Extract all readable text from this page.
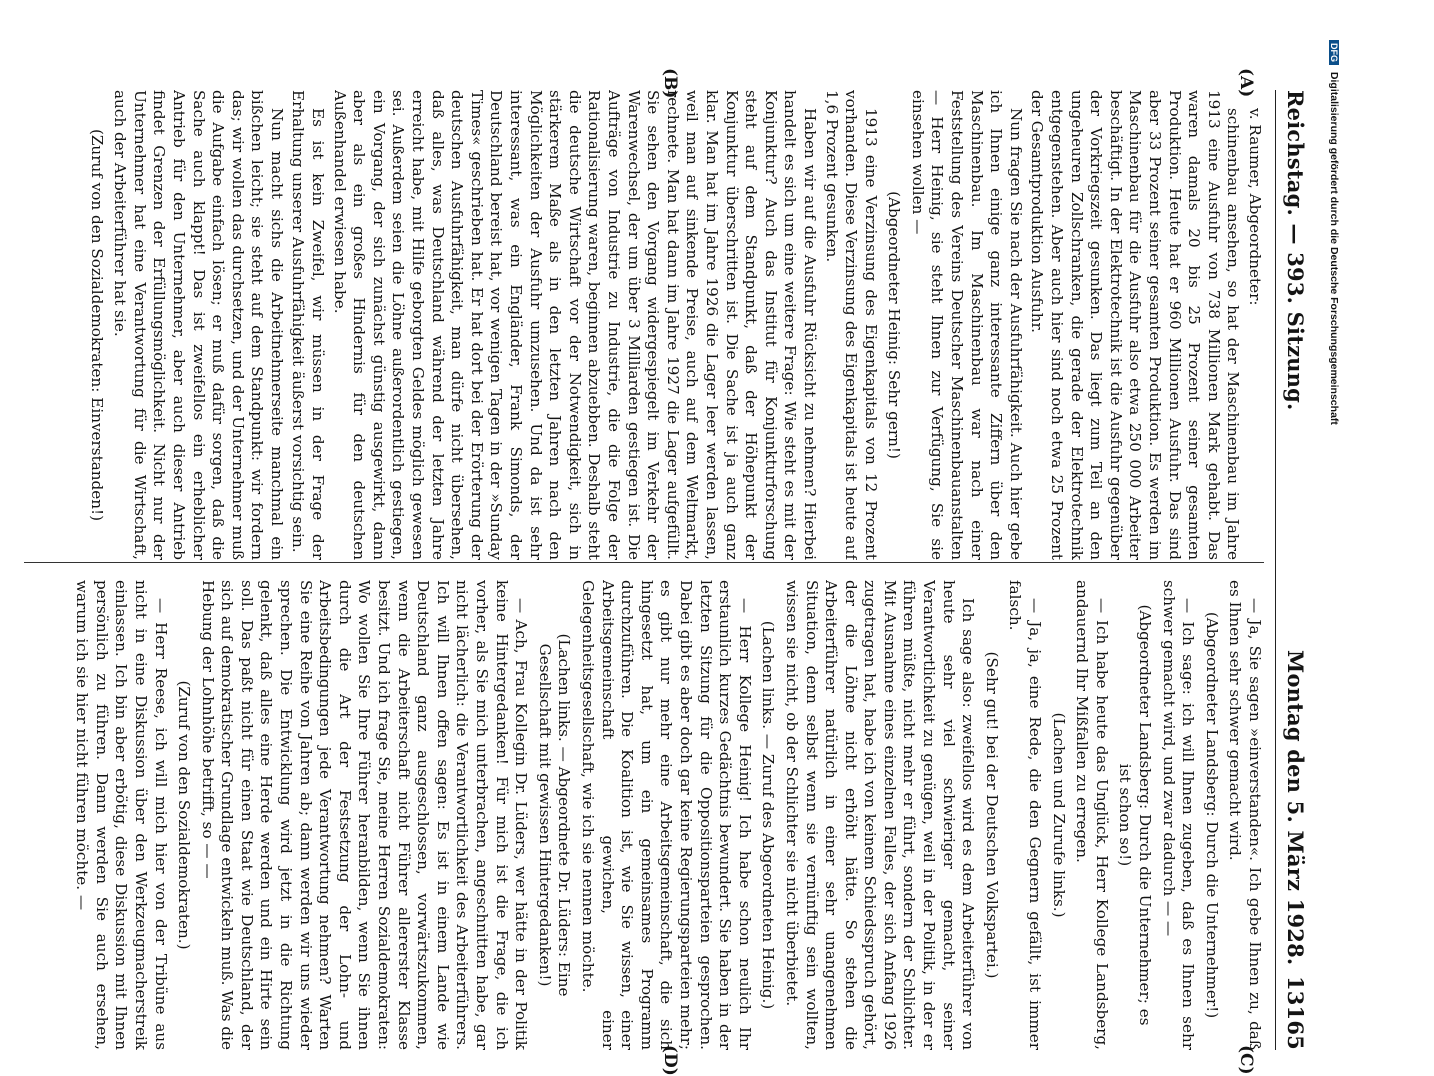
Reichstag. — 393. Sitzung.
Montag den 5. März 1928.
13165
(A)
(B)
(C)
(D)

v. Raumer, Abgeordneter:

schinenbau ansehen, so hat der Maschinenbau im Jahre 1913 eine Ausfuhr von 738 Millionen Mark gehabt. Das waren damals 20 bis 25 Prozent seiner gesamten Produktion. Heute hat er 960 Millionen Ausfuhr. Das sind aber 33 Prozent seiner gesamten Produktion. Es werden im Maschinenbau für die Ausfuhr also etwa 250 000 Arbeiter beschäftigt. In der Elektrotechnik ist die Ausfuhr gegenüber der Vorkriegszeit gesunken. Das liegt zum Teil an den ungeheuren Zollschranken, die gerade der Elektrotechnik entgegenstehen. Aber auch hier sind noch etwa 25 Prozent der Gesamtproduktion Ausfuhr.

Nun fragen Sie nach der Ausfuhrfähigkeit. Auch hier gebe ich Ihnen einige ganz interessante Ziffern über den Maschinenbau. Im Maschinenbau war nach einer Feststellung des Vereins Deutscher Maschinenbauanstalten — Herr Heinig, sie steht Ihnen zur Verfügung, Sie sie einsehen wollen —

(Abgeordneter Heinig: Sehr gern!)

1913 eine Verzinsung des Eigenkapitals von 12 Prozent vorhanden. Diese Verzinsung des Eigenkapitals ist heute auf 1,6 Prozent gesunken.

Haben wir auf die Ausfuhr Rücksicht zu nehmen? Hierbei handelt es sich um eine weitere Frage: Wie steht es mit der Konjunktur? Auch das Institut für Konjunkturforschung steht auf dem Standpunkt, daß der Höhepunkt der Konjunktur überschritten ist. Die Sache ist ja auch ganz klar. Man hat im Jahre 1926 die Lager leer werden lassen, weil man auf sinkende Preise, auch auf dem Weltmarkt, rechnete. Man hat dann im Jahre 1927 die Lager aufgefüllt. Sie sehen den Vorgang widergespiegelt im Verkehr der Warenwechsel, der um über 3 Milliarden gestiegen ist. Die Aufträge von Industrie zu Industrie, die die Folge der Rationalisierung waren, beginnen abzuebben. Deshalb steht die deutsche Wirtschaft vor der Notwendigkeit, sich in stärkerem Maße als in den letzten Jahren nach den Möglichkeiten der Ausfuhr umzusehen. Und da ist sehr interessant, was ein Engländer, Frank Simonds, der Deutschland bereist hat, vor wenigen Tagen in der »Sunday Times« geschrieben hat. Er hat dort bei der Erörterung der deutschen Ausfuhrfähigkeit, man dürfe nicht übersehen, daß alles, was Deutschland während der letzten Jahre erreicht habe, mit Hilfe geborgten Geldes möglich gewesen sei. Außerdem seien die Löhne außerordentlich gestiegen, ein Vorgang, der sich zunächst günstig ausgewirkt, dann aber als ein großes Hindernis für den deutschen Außenhandel erwiesen habe.

Es ist kein Zweifel, wir müssen in der Frage der Erhaltung unserer Ausfuhrfähigkeit äußerst vorsichtig sein.

Nun macht sichs die Arbeitnehmerseite manchmal ein bißchen leicht; sie steht auf dem Standpunkt: wir fordern das; wir wollen das durchsetzen, und der Unternehmer muß die Aufgabe einfach lösen; er muß dafür sorgen, daß die Sache auch klappt! Das ist zweifellos ein erheblicher Antrieb für den Unternehmer, aber auch dieser Antrieb findet Grenzen der Erfüllungsmöglichkeit. Nicht nur der Unternehmer hat eine Verantwortung für die Wirtschaft, auch der Arbeiterführer hat sie.

(Zuruf von den Sozialdemokraten: Einverstanden!)

— Ja, Sie sagen »einverstanden«. Ich gebe Ihnen zu, daß es Ihnen sehr schwer gemacht wird.

(Abgeordneter Landsberg: Durch die Unternehmer!)

— Ich sage: ich will Ihnen zugeben, daß es Ihnen sehr schwer gemacht wird, und zwar dadurch — —

(Abgeordneter Landsberg: Durch die Unternehmer; es ist schon so!)

— Ich habe heute das Unglück, Herr Kollege Landsberg, andauernd Ihr Mißfallen zu erregen.

(Lachen und Zurufe links.)

— Ja, ja, eine Rede, die den Gegnern gefällt, ist immer falsch.

(Sehr gut! bei der Deutschen Volkspartei.)

Ich sage also: zweifellos wird es dem Arbeiterführer von heute sehr viel schwieriger gemacht, seiner Verantwortlichkeit zu genügen, weil in der Politik, in der er führen müßte, nicht mehr er führt, sondern der Schlichter. Mit Ausnahme eines einzelnen Falles, der sich Anfang 1926 zugetragen hat, habe ich von keinem Schiedsspruch gehört, der die Löhne nicht erhöht hätte. So stehen die Arbeiterführer natürlich in einer sehr unangenehmen Situation, denn selbst wenn sie vernünftig sein wollten, wissen sie nicht, ob der Schlichter sie nicht überbietet.

(Lachen links. — Zuruf des Abgeordneten Heinig.)

— Herr Kollege Heinig! Ich habe schon neulich Ihr erstaunlich kurzes Gedächtnis bewundert. Sie haben in der letzten Sitzung für die Oppositionsparteien gesprochen. Dabei gibt es aber doch gar keine Regierungsparteien mehr; es gibt nur mehr eine Arbeitsgemeinschaft, die sich hingesetzt hat, um ein gemeinsames Programm durchzuführen. Die Koalition ist, wie Sie wissen, einer Arbeitsgemeinschaft gewichen, einer Gelegenheitsgesellschaft, wie ich sie nennen möchte.

(Lachen links. — Abgeordnete Dr. Lüders: Eine Gesellschaft mit gewissen Hintergedanken!)

— Ach, Frau Kollegin Dr. Lüders, wer hätte in der Politik keine Hintergedanken! Für mich ist die Frage, die ich vorher, als Sie mich unterbrachen, angeschnitten habe, gar nicht lächerlich: die Verantwortlichkeit des Arbeiterführers. Ich will Ihnen offen sagen: Es ist in einem Lande wie Deutschland ganz ausgeschlossen, vorwärtszukommen, wenn die Arbeiterschaft nicht Führer allererster Klasse besitzt. Und ich frage Sie, meine Herren Sozialdemokraten: Wo wollen Sie Ihre Führer heranbilden, wenn Sie ihnen durch die Art der Festsetzung der Lohn- und Arbeitsbedingungen jede Verantwortung nehmen? Warten Sie eine Reihe von Jahren ab; dann werden wir uns wieder sprechen. Die Entwicklung wird jetzt in die Richtung gelenkt, daß alles eine Herde werden und ein Hirte sein soll. Das paßt nicht für einen Staat wie Deutschland, der sich auf demokratischer Grundlage entwickeln muß. Was die Hebung der Lohnhöhe betrifft, so — —

(Zuruf von den Sozialdemokraten.)

— Herr Reese, ich will mich hier von der Tribüne aus nicht in eine Diskussion über den Werkzeugmacherstreik einlassen. Ich bin aber erbötig, diese Diskussion mit Ihnen persönlich zu führen. Dann werden Sie auch ersehen, warum ich sie hier nicht führen möchte. —

DFG Digitalisierung gefördert durch die Deutsche Forschungsgemeinschaft
